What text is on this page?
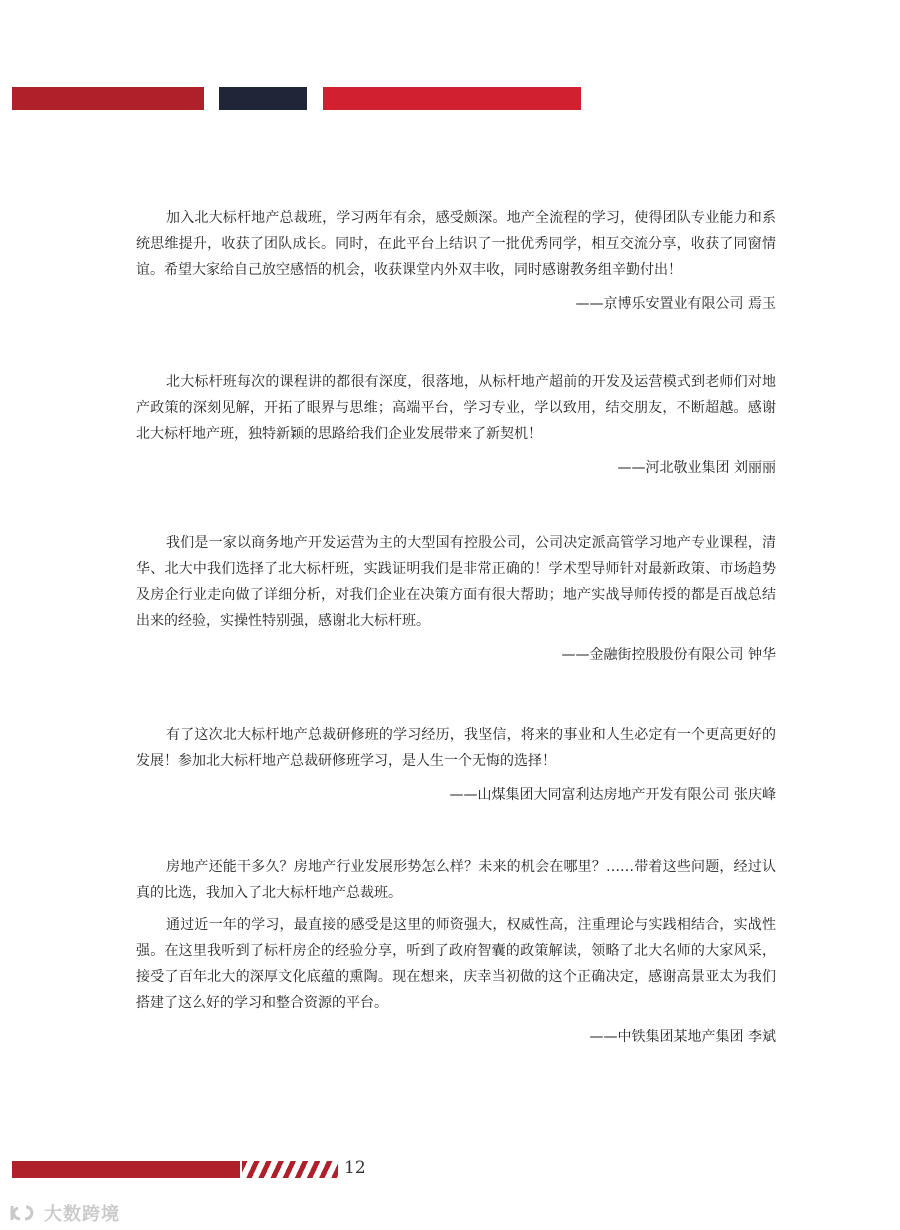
加入北大标杆地产总裁班，学习两年有余，感受颇深。地产全流程的学习，使得团队专业能力和系统思维提升，收获了团队成长。同时，在此平台上结识了一批优秀同学，相互交流分享，收获了同窗情谊。希望大家给自己放空感悟的机会，收获课堂内外双丰收，同时感谢教务组辛勤付出！

——京博乐安置业有限公司 焉玉

北大标杆班每次的课程讲的都很有深度，很落地，从标杆地产超前的开发及运营模式到老师们对地产政策的深刻见解，开拓了眼界与思维；高端平台，学习专业，学以致用，结交朋友，不断超越。感谢北大标杆地产班，独特新颖的思路给我们企业发展带来了新契机！

——河北敬业集团 刘丽丽

我们是一家以商务地产开发运营为主的大型国有控股公司，公司决定派高管学习地产专业课程，清华、北大中我们选择了北大标杆班，实践证明我们是非常正确的！学术型导师针对最新政策、市场趋势及房企行业走向做了详细分析，对我们企业在决策方面有很大帮助；地产实战导师传授的都是百战总结出来的经验，实操性特别强，感谢北大标杆班。

——金融街控股股份有限公司 钟华

有了这次北大标杆地产总裁研修班的学习经历，我坚信，将来的事业和人生必定有一个更高更好的发展！参加北大标杆地产总裁研修班学习，是人生一个无悔的选择！

——山煤集团大同富利达房地产开发有限公司 张庆峰

房地产还能干多久？房地产行业发展形势怎么样？未来的机会在哪里？……带着这些问题，经过认真的比选，我加入了北大标杆地产总裁班。

通过近一年的学习，最直接的感受是这里的师资强大，权威性高，注重理论与实践相结合，实战性强。在这里我听到了标杆房企的经验分享，听到了政府智囊的政策解读，领略了北大名师的大家风采，接受了百年北大的深厚文化底蕴的熏陶。现在想来，庆幸当初做的这个正确决定，感谢高景亚太为我们搭建了这么好的学习和整合资源的平台。

——中铁集团某地产集团 李斌

12
大数跨境
